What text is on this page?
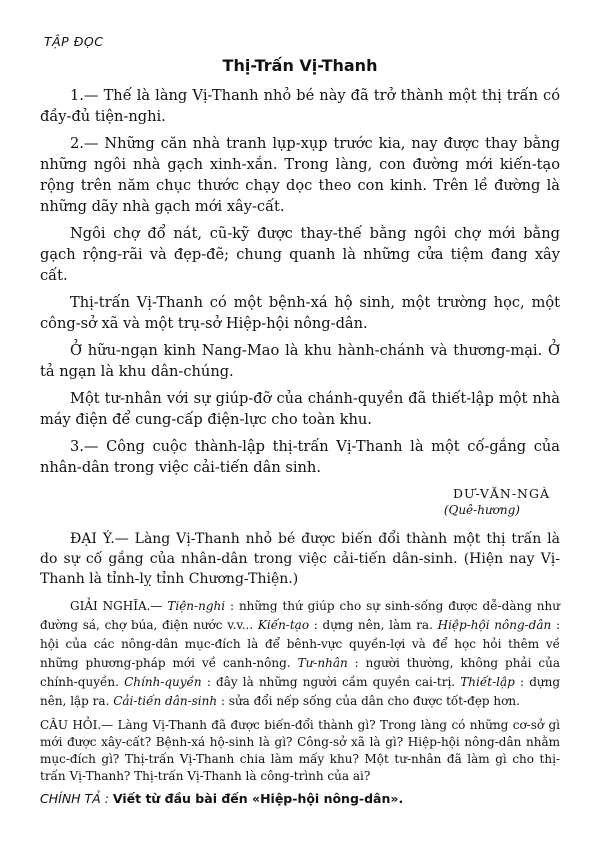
TẬP ĐỌC
Thị-Trấn Vị-Thanh

1.— Thế là làng Vị-Thanh nhỏ bé này đã trở thành một thị trấn có đầy-đủ tiện-nghi.

2.— Những căn nhà tranh lụp-xụp trước kia, nay được thay bằng những ngôi nhà gạch xinh-xắn. Trong làng, con đường mới kiến-tạo rộng trên năm chục thước chạy dọc theo con kinh. Trên lề đường là những dãy nhà gạch mới xây-cất.

Ngôi chợ đổ nát, cũ-kỹ được thay-thế bằng ngôi chợ mới bằng gạch rộng-rãi và đẹp-đẽ; chung quanh là những cửa tiệm đang xây cất.

Thị-trấn Vị-Thanh có một bệnh-xá hộ sinh, một trường học, một công-sở xã và một trụ-sở Hiệp-hội nông-dân.

Ở hữu-ngạn kinh Nang-Mao là khu hành-chánh và thương-mại. Ở tả ngạn là khu dân-chúng.

Một tư-nhân với sự giúp-đỡ của chánh-quyền đã thiết-lập một nhà máy điện để cung-cấp điện-lực cho toàn khu.

3.— Công cuộc thành-lập thị-trấn Vị-Thanh là một cố-gắng của nhân-dân trong việc cải-tiến dân sinh.

DƯ-VĂN-NGÀ
(Quê-hương)

ĐẠI Ý.— Làng Vị-Thanh nhỏ bé được biến đổi thành một thị trấn là do sự cố gắng của nhân-dân trong việc cải-tiến dân-sinh. (Hiện nay Vị-Thanh là tỉnh-lỵ tỉnh Chương-Thiện.)

GIẢI NGHĨA.— Tiện-nghi : những thứ giúp cho sự sinh-sống được dễ-dàng như đường sá, chợ búa, điện nước v.v... Kiến-tạo : dựng nên, làm ra. Hiệp-hội nông-dân : hội của các nông-dân mục-đích là để bênh-vực quyền-lợi và để học hỏi thêm về những phương-pháp mới về canh-nông. Tư-nhân : người thường, không phải của chính-quyền. Chính-quyền : đây là những người cầm quyền cai-trị. Thiết-lập : dựng nên, lập ra. Cải-tiến dân-sinh : sửa đổi nếp sống của dân cho được tốt-đẹp hơn.

CÂU HỎI.— Làng Vị-Thanh đã được biến-đổi thành gì? Trong làng có những cơ-sở gì mới được xây-cất? Bệnh-xá hộ-sinh là gì? Công-sở xã là gì? Hiệp-hội nông-dân nhằm mục-đích gì? Thị-trấn Vị-Thanh chia làm mấy khu? Một tư-nhân đã làm gì cho thị-trấn Vị-Thanh? Thị-trấn Vị-Thanh là công-trình của ai?

CHÍNH TẢ : Viết từ đầu bài đến «Hiệp-hội nông-dân».
